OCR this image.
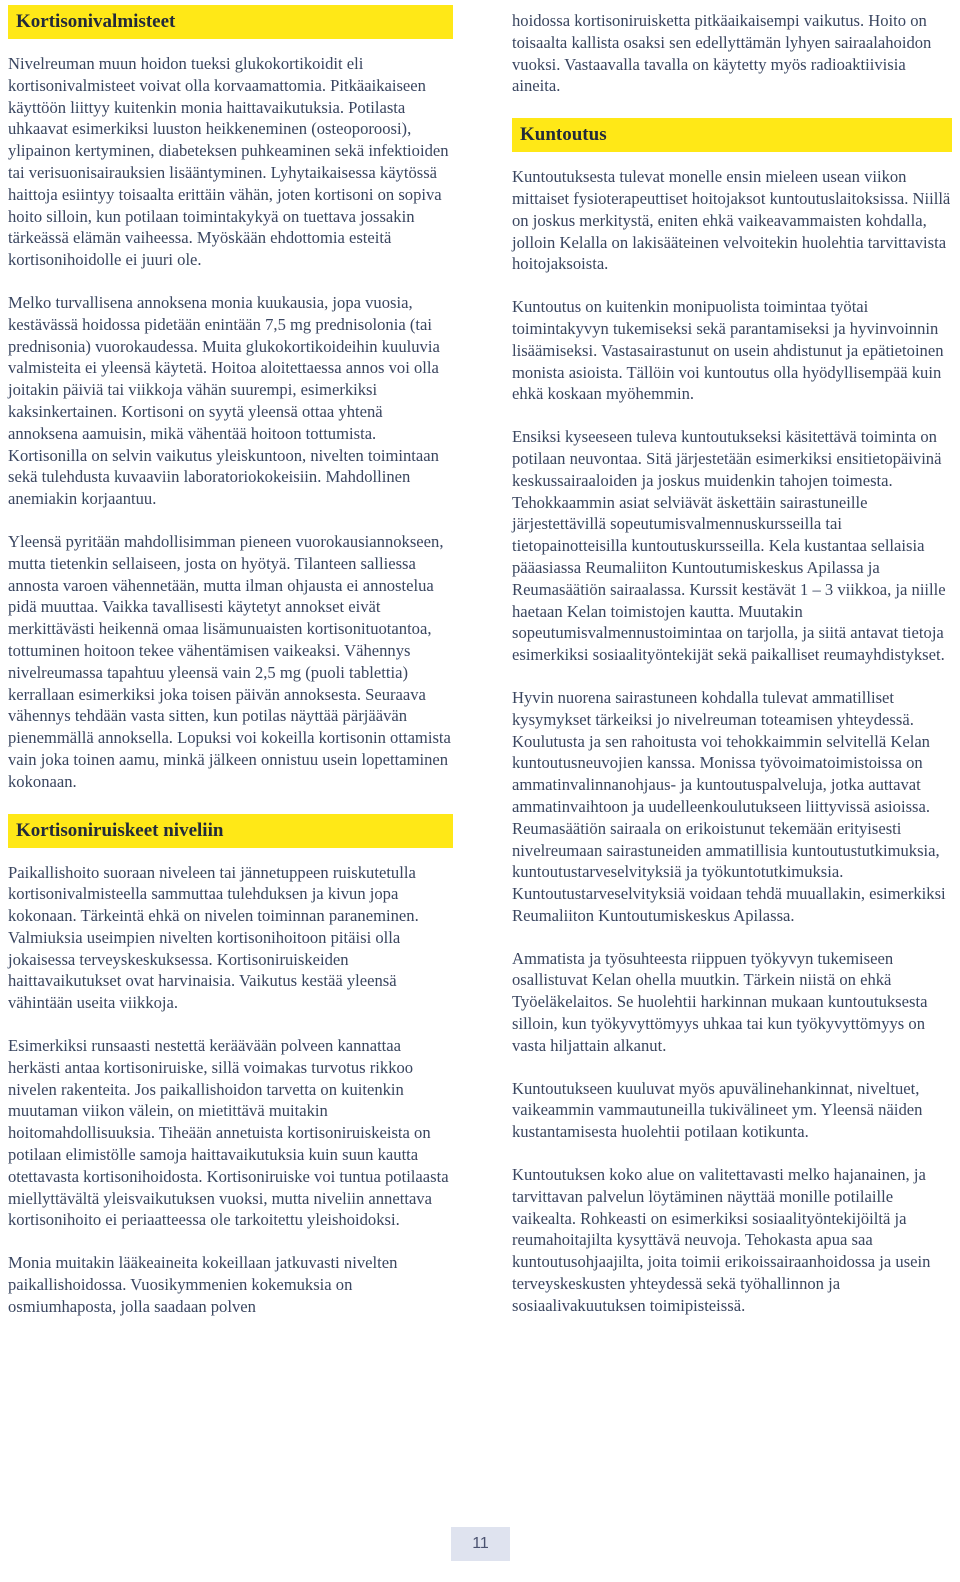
Kortisonivalmisteet

Nivelreuman muun hoidon tueksi glukokortikoidit eli kortisonivalmisteet voivat olla korvaamattomia. Pitkäaikaiseen käyttöön liittyy kuitenkin monia haittavaikutuksia. Potilasta uhkaavat esimerkiksi luuston heikkeneminen (osteoporoosi), ylipainon kertyminen, diabeteksen puhkeaminen sekä infektioiden tai verisuonisairauksien lisääntyminen. Lyhytaikaisessa käytössä haittoja esiintyy toisaalta erittäin vähän, joten kortisoni on sopiva hoito silloin, kun potilaan toimintakykyä on tuettava jossakin tärkeässä elämän vaiheessa. Myöskään ehdottomia esteitä kortisonihoidolle ei juuri ole.

Melko turvallisena annoksena monia kuukausia, jopa vuosia, kestävässä hoidossa pidetään enintään 7,5 mg prednisolonia (tai prednisonia) vuorokaudessa. Muita glukokortikoideihin kuuluvia valmisteita ei yleensä käytetä. Hoitoa aloitettaessa annos voi olla joitakin päiviä tai viikkoja vähän suurempi, esimerkiksi kaksinkertainen. Kortisoni on syytä yleensä ottaa yhtenä annoksena aamuisin, mikä vähentää hoitoon tottumista. Kortisonilla on selvin vaikutus yleiskuntoon, nivelten toimintaan sekä tulehdusta kuvaaviin laboratoriokokeisiin. Mahdollinen anemiakin korjaantuu.

Yleensä pyritään mahdollisimman pieneen vuorokausiannokseen, mutta tietenkin sellaiseen, josta on hyötyä. Tilanteen salliessa annosta varoen vähennetään, mutta ilman ohjausta ei annostelua pidä muuttaa. Vaikka tavallisesti käytetyt annokset eivät merkittävästi heikennä omaa lisämunuaisten kortisonituotantoa, tottuminen hoitoon tekee vähentämisen vaikeaksi. Vähennys nivelreumassa tapahtuu yleensä vain 2,5 mg (puoli tablettia) kerrallaan esimerkiksi joka toisen päivän annoksesta. Seuraava vähennys tehdään vasta sitten, kun potilas näyttää pärjäävän pienemmällä annoksella. Lopuksi voi kokeilla kortisonin ottamista vain joka toinen aamu, minkä jälkeen onnistuu usein lopettaminen kokonaan.

Kortisoniruiskeet niveliin

Paikallishoito suoraan niveleen tai jännetuppeen ruiskutetulla kortisonivalmisteella sammuttaa tulehduksen ja kivun jopa kokonaan. Tärkeintä ehkä on nivelen toiminnan paraneminen. Valmiuksia useimpien nivelten kortisonihoitoon pitäisi olla jokaisessa terveyskeskuksessa. Kortisoniruiskeiden haittavaikutukset ovat harvinaisia. Vaikutus kestää yleensä vähintään useita viikkoja.

Esimerkiksi runsaasti nestettä keräävään polveen kannattaa herkästi antaa kortisoniruiske, sillä voimakas turvotus rikkoo nivelen rakenteita. Jos paikallishoidon tarvetta on kuitenkin muutaman viikon välein, on mietittävä muitakin hoitomahdollisuuksia. Tiheään annetuista kortisoniruiskeista on potilaan elimistölle samoja haittavaikutuksia kuin suun kautta otettavasta kortisonihoidosta. Kortisoniruiske voi tuntua potilaasta miellyttävältä yleisvaikutuksen vuoksi, mutta niveliin annettava kortisonihoito ei periaatteessa ole tarkoitettu yleishoidoksi.

Monia muitakin lääkeaineita kokeillaan jatkuvasti nivelten paikallishoidossa. Vuosikymmenien kokemuksia on osmiumhaposta, jolla saadaan polven

hoidossa kortisoniruisketta pitkäaikaisempi vaikutus. Hoito on toisaalta kallista osaksi sen edellyttämän lyhyen sairaalahoidon vuoksi. Vastaavalla tavalla on käytetty myös radioaktiivisia aineita.

Kuntoutus

Kuntoutuksesta tulevat monelle ensin mieleen usean viikon mittaiset fysioterapeuttiset hoitojaksot kuntoutuslaitoksissa. Niillä on joskus merkitystä, eniten ehkä vaikeavammaisten kohdalla, jolloin Kelalla on lakisääteinen velvoitekin huolehtia tarvittavista hoitojaksoista.

Kuntoutus on kuitenkin monipuolista toimintaa työtai toimintakyvyn tukemiseksi sekä parantamiseksi ja hyvinvoinnin lisäämiseksi. Vastasairastunut on usein ahdistunut ja epätietoinen monista asioista. Tällöin voi kuntoutus olla hyödyllisempää kuin ehkä koskaan myöhemmin.

Ensiksi kyseeseen tuleva kuntoutukseksi käsitettävä toiminta on potilaan neuvontaa. Sitä järjestetään esimerkiksi ensitietopäivinä keskussairaaloiden ja joskus muidenkin tahojen toimesta. Tehokkaammin asiat selviävät äskettäin sairastuneille järjestettävillä sopeutumisvalmennuskursseilla tai tietopainotteisilla kuntoutuskursseilla. Kela kustantaa sellaisia pääasiassa Reumaliiton Kuntoutumiskeskus Apilassa ja Reumasäätiön sairaalassa. Kurssit kestävät 1 – 3 viikkoa, ja niille haetaan Kelan toimistojen kautta. Muutakin sopeutumisvalmennustoimintaa on tarjolla, ja siitä antavat tietoja esimerkiksi sosiaalityöntekijät sekä paikalliset reumayhdistykset.

Hyvin nuorena sairastuneen kohdalla tulevat ammatilliset kysymykset tärkeiksi jo nivelreuman toteamisen yhteydessä. Koulutusta ja sen rahoitusta voi tehokkaimmin selvitellä Kelan kuntoutusneuvojien kanssa. Monissa työvoimatoimistoissa on ammatinvalinnanohjaus- ja kuntoutuspalveluja, jotka auttavat ammatinvaihtoon ja uudelleenkoulutukseen liittyvissä asioissa. Reumasäätiön sairaala on erikoistunut tekemään erityisesti nivelreumaan sairastuneiden ammatillisia kuntoutustutkimuksia, kuntoutustarveselvityksiä ja työkuntotutkimuksia. Kuntoutustarveselvityksiä voidaan tehdä muuallakin, esimerkiksi Reumaliiton Kuntoutumiskeskus Apilassa.

Ammatista ja työsuhteesta riippuen työkyvyn tukemiseen osallistuvat Kelan ohella muutkin. Tärkein niistä on ehkä Työeläkelaitos. Se huolehtii harkinnan mukaan kuntoutuksesta silloin, kun työkyvyttömyys uhkaa tai kun työkyvyttömyys on vasta hiljattain alkanut.

Kuntoutukseen kuuluvat myös apuvälinehankinnat, niveltuet, vaikeammin vammautuneilla tukivälineet ym. Yleensä näiden kustantamisesta huolehtii potilaan kotikunta.

Kuntoutuksen koko alue on valitettavasti melko hajanainen, ja tarvittavan palvelun löytäminen näyttää monille potilaille vaikealta. Rohkeasti on esimerkiksi sosiaalityöntekijöiltä ja reumahoitajilta kysyttävä neuvoja. Tehokasta apua saa kuntoutusohjaajilta, joita toimii erikoissairaanhoidossa ja usein terveyskeskusten yhteydessä sekä työhallinnon ja sosiaalivakuutuksen toimipisteissä.

11
